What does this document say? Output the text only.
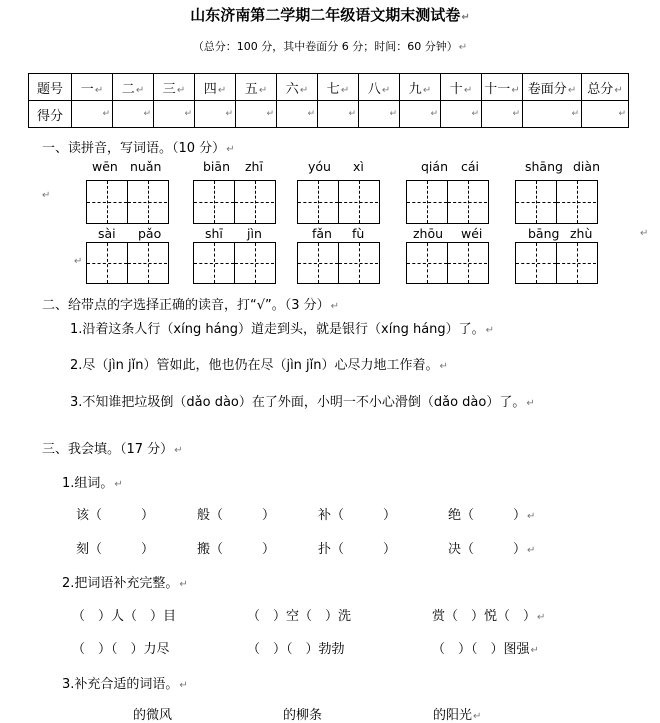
山东济南第二学期二年级语文期末测试卷↵
（总分：100 分，其中卷面分 6 分；时间：60 分钟）↵
题号	一↵	二↵	三↵	四↵	五↵	六↵	七↵	八↵	九↵	十↵	十一↵	卷面分↵	总分↵
得分	↵	↵	↵	↵	↵	↵	↵	↵	↵	↵	↵	↵	↵
一、读拼音，写词语。（10 分）↵
wēn nuǎn	biān zhī	yóu xì	qián cái	shāng diàn
↵
sài pǎo	shī jìn	fǎn fù	zhōu wéi	bāng zhù
↵
↵
二、给带点的字选择正确的读音，打“√”。（3 分）↵
1.沿着这条人行（xíng háng）道走到头，就是银行（xíng háng）了。↵
2.尽（jìn jǐn）管如此，他也仍在尽（jìn jǐn）心尽力地工作着。↵
3.不知谁把垃圾倒（dǎo dào）在了外面，小明一不小心滑倒（dǎo dào）了。↵
三、我会填。（17 分）↵
1.组词。↵
该（　　　）	般（　　　）	补（　　　）	绝（　　　）↵
刻（　　　）	搬（　　　）	扑（　　　）	决（　　　）↵
2.把词语补充完整。↵
（　）人（　）目	（　）空（　）洗	赏（　）悦（　）↵
（　）（　）力尽	（　）（　）勃勃	（　）（　）图强↵
3.补充合适的词语。↵
的微风	的柳条	的阳光↵
